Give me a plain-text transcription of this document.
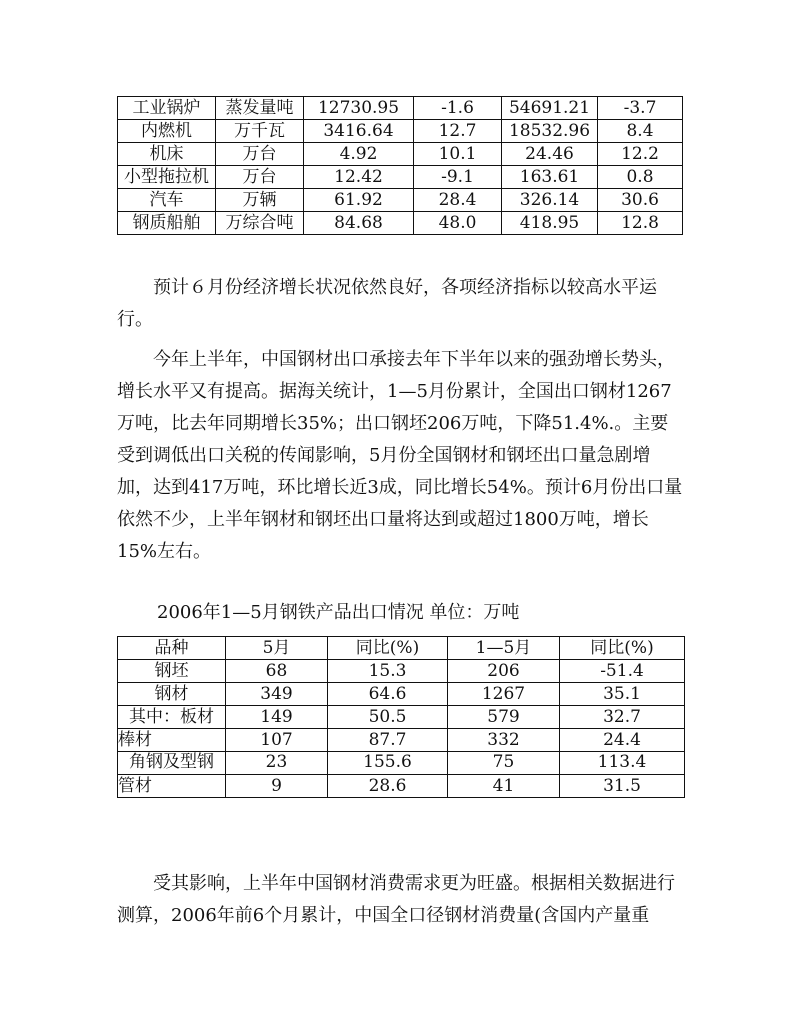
工业锅炉	蒸发量吨	12730.95	-1.6	54691.21	-3.7
内燃机	万千瓦	3416.64	12.7	18532.96	8.4
机床	万台	4.92	10.1	24.46	12.2
小型拖拉机	万台	12.42	-9.1	163.61	0.8
汽车	万辆	61.92	28.4	326.14	30.6
钢质船舶	万综合吨	84.68	48.0	418.95	12.8

预计６月份经济增长状况依然良好，各项经济指标以较高水平运行。

今年上半年，中国钢材出口承接去年下半年以来的强劲增长势头，增长水平又有提高。据海关统计，1—5月份累计，全国出口钢材1267万吨，比去年同期增长35%；出口钢坯206万吨，下降51.4%.。主要受到调低出口关税的传闻影响，5月份全国钢材和钢坯出口量急剧增加，达到417万吨，环比增长近3成，同比增长54%。预计6月份出口量依然不少，上半年钢材和钢坯出口量将达到或超过1800万吨，增长15%左右。

2006年1—5月钢铁产品出口情况 单位：万吨
品种	5月	同比(%)	1—5月	同比(%)
钢坯	68	15.3	206	-51.4
钢材	349	64.6	1267	35.1
其中：板材	149	50.5	579	32.7
棒材	107	87.7	332	24.4
角钢及型钢	23	155.6	75	113.4
管材	9	28.6	41	31.5

受其影响，上半年中国钢材消费需求更为旺盛。根据相关数据进行测算，2006年前6个月累计，中国全口径钢材消费量(含国内产量重
